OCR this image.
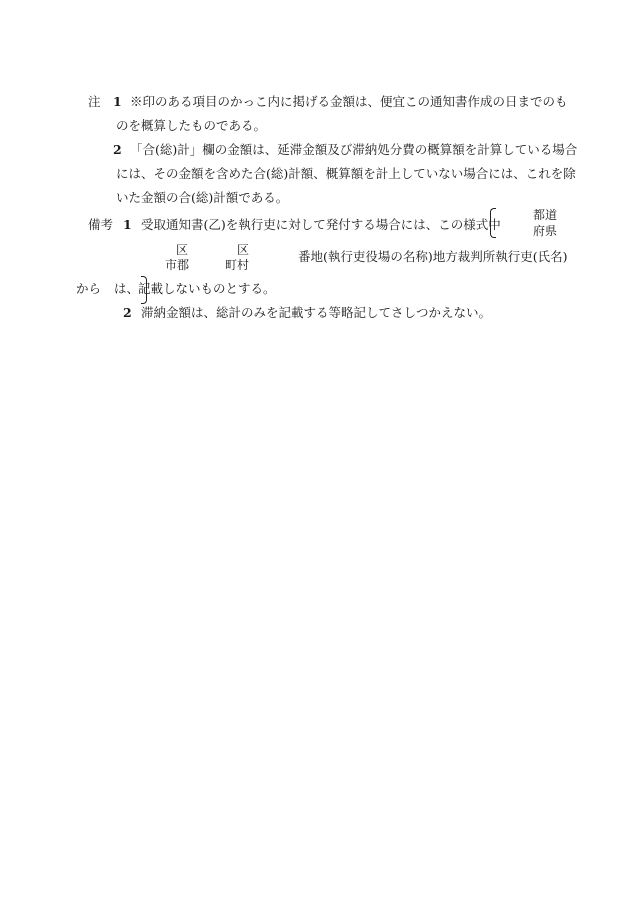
注 1 ※印のある項目のかっこ内に掲げる金額は、便宜この通知書作成の日までのも
のを概算したものである。
2 「合(総)計」欄の金額は、延滞金額及び滞納処分費の概算額を計算している場合
には、その金額を含めた合(総)計額、概算額を計上していない場合には、これを除
いた金額の合(総)計額である。
備考 1 受取通知書(乙)を執行吏に対して発付する場合には、この様式中
都道
府県
区
市郡
区
町村
番地(執行吏役場の名称)地方裁判所執行吏(氏名)
から は、
記載しないものとする。
2 滞納金額は、総計のみを記載する等略記してさしつかえない。
